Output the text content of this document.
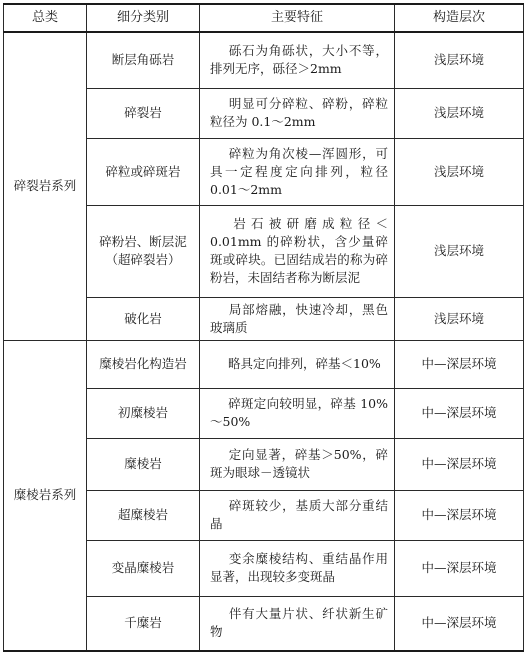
总类	细分类别	主要特征	构造层次
碎裂岩系列	断层角砾岩	砾石为角砾状，大小不等，排列无序，砾径＞2mm	浅层环境
	碎裂岩	明显可分碎粒、碎粉，碎粒粒径为 0.1～2mm	浅层环境
	碎粒或碎斑岩	碎粒为角次棱—浑圆形，可具一定程度定向排列，粒径 0.01～2mm	浅层环境
	碎粉岩、断层泥（超碎裂岩）	岩石被研磨成粒径＜0.01mm 的碎粉状，含少量碎斑或碎块。已固结成岩的称为碎粉岩，未固结者称为断层泥	浅层环境
	破化岩	局部熔融，快速冷却，黑色玻璃质	浅层环境
糜棱岩系列	糜棱岩化构造岩	略具定向排列，碎基＜10%	中—深层环境
	初糜棱岩	碎斑定向较明显，碎基 10%～50%	中—深层环境
	糜棱岩	定向显著，碎基＞50%，碎斑为眼球－透镜状	中—深层环境
	超糜棱岩	碎斑较少，基质大部分重结晶	中—深层环境
	变晶糜棱岩	变余糜棱结构、重结晶作用显著，出现较多变斑晶	中—深层环境
	千糜岩	伴有大量片状、纤状新生矿物	中—深层环境
